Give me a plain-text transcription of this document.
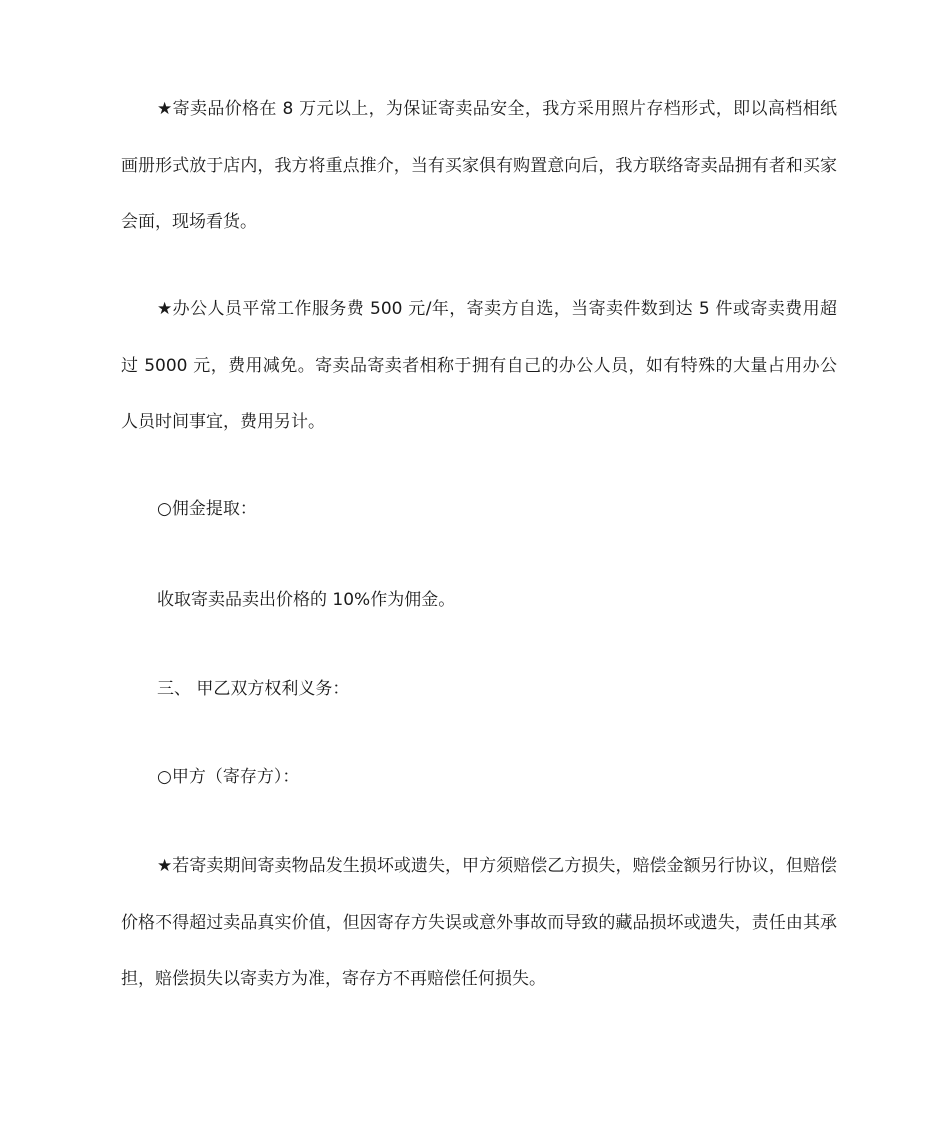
★寄卖品价格在 8 万元以上，为保证寄卖品安全，我方采用照片存档形式，即以高档相纸画册形式放于店内，我方将重点推介，当有买家俱有购置意向后，我方联络寄卖品拥有者和买家会面，现场看货。

★办公人员平常工作服务费 500 元/年，寄卖方自选，当寄卖件数到达 5 件或寄卖费用超过 5000 元，费用减免。寄卖品寄卖者相称于拥有自己的办公人员，如有特殊的大量占用办公人员时间事宜，费用另计。

○佣金提取：

收取寄卖品卖出价格的 10%作为佣金。

三、 甲乙双方权利义务：

○甲方（寄存方）：

★若寄卖期间寄卖物品发生损坏或遗失，甲方须赔偿乙方损失，赔偿金额另行协议，但赔偿价格不得超过卖品真实价值，但因寄存方失误或意外事故而导致的藏品损坏或遗失，责任由其承担，赔偿损失以寄卖方为准，寄存方不再赔偿任何损失。
